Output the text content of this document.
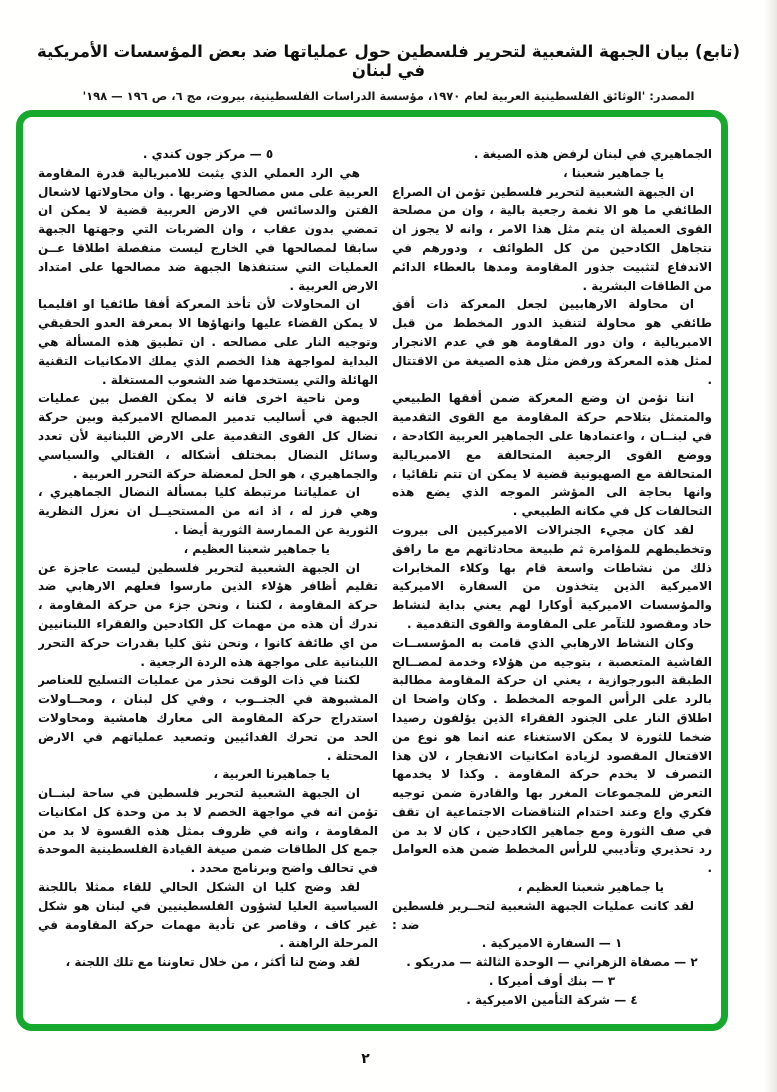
(تابع) بيان الجبهة الشعبية لتحرير فلسطين حول عملياتها ضد بعض المؤسسات الأمريكية في لبنان
المصدر: 'الوثائق الفلسطينية العربية لعام ١٩٧٠، مؤسسة الدراسات الفلسطينية، بيروت، مج ٦، ص ١٩٦ — ١٩٨'

الجماهيري في لبنان لرفض هذه الصيغة .

يا جماهير شعبنا ،

ان الجبهة الشعبية لتحرير فلسطين تؤمن ان الصراع الطائفي ما هو الا نغمة رجعية بالية ، وان من مصلحة القوى العميلة ان يتم مثل هذا الامر ، وانه لا يجوز ان نتجاهل الكادحين من كل الطوائف ، ودورهم في الاندفاع لتثبيت جذور المقاومة ومدها بالعطاء الدائم من الطاقات البشرية .

ان محاولة الارهابيين لجعل المعركة ذات أفق طائفي هو محاولة لتنفيذ الدور المخطط من قبل الامبريالية ، وان دور المقاومة هو في عدم الانجرار لمثل هذه المعركة ورفض مثل هذه الصيغة من الاقتتال .

اننا نؤمن ان وضع المعركة ضمن أفقها الطبيعي والمتمثل بتلاحم حركة المقاومة مع القوى التقدمية في لبنــان ، واعتمادها على الجماهير العربية الكادحة ، ووضع القوى الرجعية المتحالفة مع الامبريالية المتحالفة مع الصهيونية قضية لا يمكن ان تتم تلقائيا ، وانها بحاجة الى المؤشر الموجه الذي يضع هذه التحالفات كل في مكانه الطبيعي .

لقد كان مجيء الجنرالات الاميركيين الى بيروت وتخطيطهم للمؤامرة ثم طبيعة محادثاتهم مع ما رافق ذلك من نشاطات واسعة قام بها وكلاء المخابرات الاميركية الذين يتخذون من السفارة الاميركية والمؤسسات الاميركية أوكارا لهم يعني بداية لنشاط حاد ومقصود للتآمر على المقاومة والقوى التقدمية .

وكان النشاط الارهابي الذي قامت به المؤسســات الفاشية المتعصبة ، بتوجيه من هؤلاء وخدمة لمصــالح الطبقة البورجوازية ، يعني ان حركة المقاومة مطالبة بالرد على الرأس الموجه المخطط . وكان واضحا ان اطلاق النار على الجنود الفقراء الذين يؤلفون رصيدا ضخما للثورة لا يمكن الاستغناء عنه انما هو نوع من الافتعال المقصود لزيادة امكانيات الانفجار ، لان هذا التصرف لا يخدم حركة المقاومة . وكذا لا يخدمها التعرض للمجموعات المغرر بها والقادرة ضمن توجيه فكري واع وعند احتدام التناقضات الاجتماعية ان تقف في صف الثورة ومع جماهير الكادحين ، كان لا بد من رد تحذيري وتأديبي للرأس المخطط ضمن هذه العوامل .

يا جماهير شعبنا العظيم ،

لقد كانت عمليات الجبهة الشعبية لتحــرير فلسطين ضد :

١ — السفارة الاميركية .

٢ — مصفاة الزهراني — الوحدة الثالثة — مدريكو .

٣ — بنك أوف أميركا .

٤ — شركة التأمين الاميركية .

٥ — مركز جون كندي .

هي الرد العملي الذي يثبت للامبريالية قدرة المقاومة العربية على مس مصالحها وضربها . وان محاولاتها لاشعال الفتن والدسائس في الارض العربية قضية لا يمكن ان تمضي بدون عقاب ، وان الضربات التي وجهتها الجبهة سابقا لمصالحها في الخارج ليست منفصلة اطلاقا عــن العمليات التي ستنفذها الجبهة ضد مصالحها على امتداد الارض العربية .

ان المحاولات لأن تأخذ المعركة أفقا طائفيا او اقليميا لا يمكن القضاء عليها وانهاؤها الا بمعرفة العدو الحقيقي وتوجيه النار على مصالحه . ان تطبيق هذه المسألة هي البداية لمواجهة هذا الخصم الذي يملك الامكانيات التقنية الهائلة والتي يستخدمها ضد الشعوب المستغلة .

ومن ناحية اخرى فانه لا يمكن الفصل بين عمليات الجبهة في أساليب تدمير المصالح الاميركية وبين حركة نضال كل القوى التقدمية على الارض اللبنانية لأن تعدد وسائل النضال بمختلف أشكاله ، القتالي والسياسي والجماهيري ، هو الحل لمعضلة حركة التحرر العربية .

ان عملياتنا مرتبطة كليا بمسألة النضال الجماهيري ، وهي فرز له ، اذ انه من المستحيــل ان نعزل النظرية الثورية عن الممارسة الثورية أيضا .

يا جماهير شعبنا العظيم ،

ان الجبهة الشعبية لتحرير فلسطين ليست عاجزة عن تقليم أظافر هؤلاء الذين مارسوا فعلهم الارهابي ضد حركة المقاومة ، لكننا ، ونحن جزء من حركة المقاومة ، ندرك أن هذه من مهمات كل الكادحين والفقراء اللبنانيين من اي طائفة كانوا ، ونحن نثق كليا بقدرات حركة التحرر اللبنانية على مواجهة هذه الردة الرجعية .

لكننا في ذات الوقت نحذر من عمليات التسليح للعناصر المشبوهة في الجنــوب ، وفي كل لبنان ، ومحــاولات استدراج حركة المقاومة الى معارك هامشية ومحاولات الحد من تحرك الفدائيين وتصعيد عملياتهم في الارض المحتلة .

يا جماهيرنا العربية ،

ان الجبهة الشعبية لتحرير فلسطين في ساحة لبنــان تؤمن انه في مواجهة الخصم لا بد من وحدة كل امكانيات المقاومة ، وانه في ظروف بمثل هذه القسوة لا بد من جمع كل الطاقات ضمن صيغة القيادة الفلسطينية الموحدة في تحالف واضح وبرنامج محدد .

لقد وضح كليا ان الشكل الحالي للقاء ممثلا باللجنة السياسية العليا لشؤون الفلسطينيين في لبنان هو شكل غير كاف ، وقاصر عن تأدية مهمات حركة المقاومة في المرحلة الراهنة .

لقد وضح لنا أكثر ، من خلال تعاوننا مع تلك اللجنة ،

٢
